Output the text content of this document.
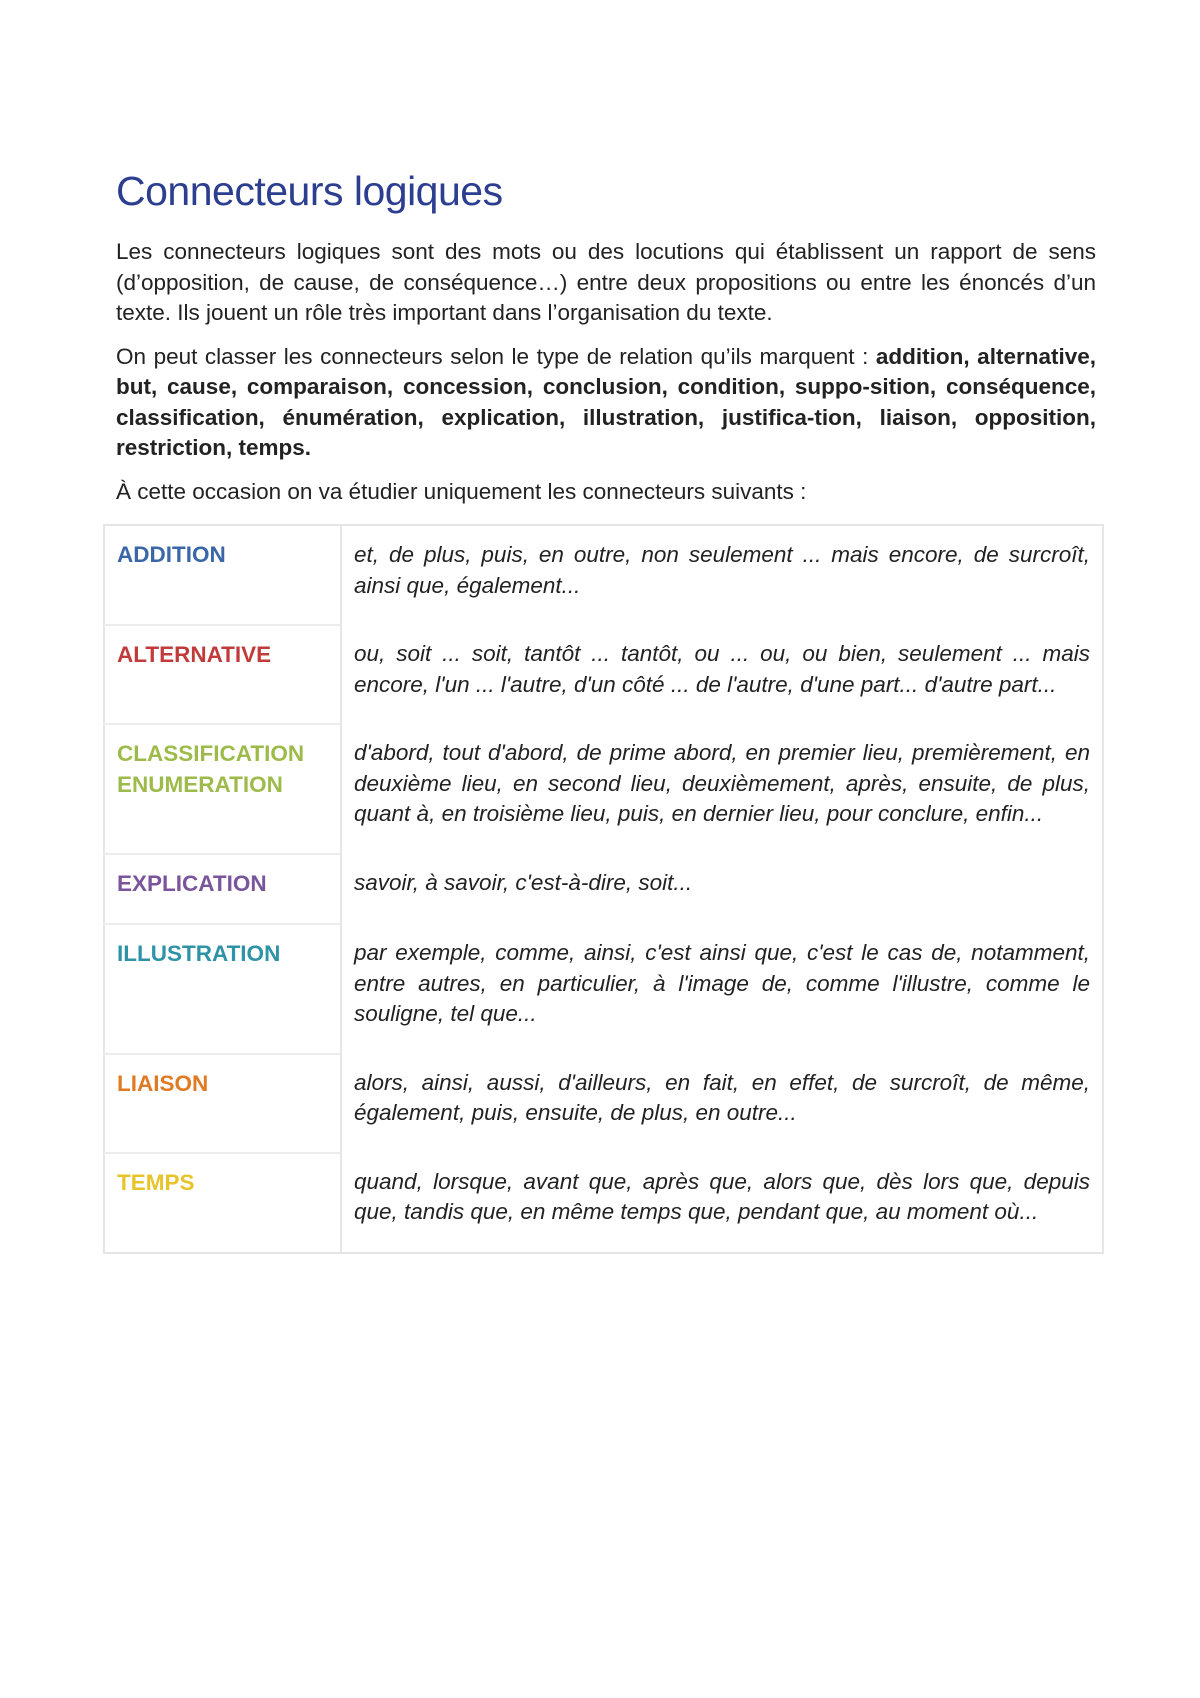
Connecteurs logiques

Les connecteurs logiques sont des mots ou des locutions qui établissent un rapport de sens (d’opposition, de cause, de conséquence…) entre deux propositions ou entre les énoncés d’un texte. Ils jouent un rôle très important dans l’organisation du texte.

On peut classer les connecteurs selon le type de relation qu’ils marquent : addition, alternative, but, cause, comparaison, concession, conclusion, condition, suppo-sition, conséquence, classification, énumération, explication, illustration, justifica-tion, liaison, opposition, restriction, temps.

À cette occasion on va étudier uniquement les connecteurs suivants :

ADDITION	et, de plus, puis, en outre, non seulement ... mais encore, de surcroît, ainsi que, également...

ALTERNATIVE	ou, soit ... soit, tantôt ... tantôt, ou ... ou, ou bien, seulement ... mais encore, l'un ... l'autre, d'un côté ... de l'autre, d'une part... d'autre part...

CLASSIFICATION
ENUMERATION	d'abord, tout d'abord, de prime abord, en premier lieu, premièrement, en deuxième lieu, en second lieu, deuxièmement, après, ensuite, de plus, quant à, en troisième lieu, puis, en dernier lieu, pour conclure, enfin...

EXPLICATION	savoir, à savoir, c'est-à-dire, soit...

ILLUSTRATION	par exemple, comme, ainsi, c'est ainsi que, c'est le cas de, notamment, entre autres, en particulier, à l'image de, comme l'illustre, comme le souligne, tel que...

LIAISON	alors, ainsi, aussi, d'ailleurs, en fait, en effet, de surcroît, de même, également, puis, ensuite, de plus, en outre...

TEMPS	quand, lorsque, avant que, après que, alors que, dès lors que, depuis que, tandis que, en même temps que, pendant que, au moment où...
